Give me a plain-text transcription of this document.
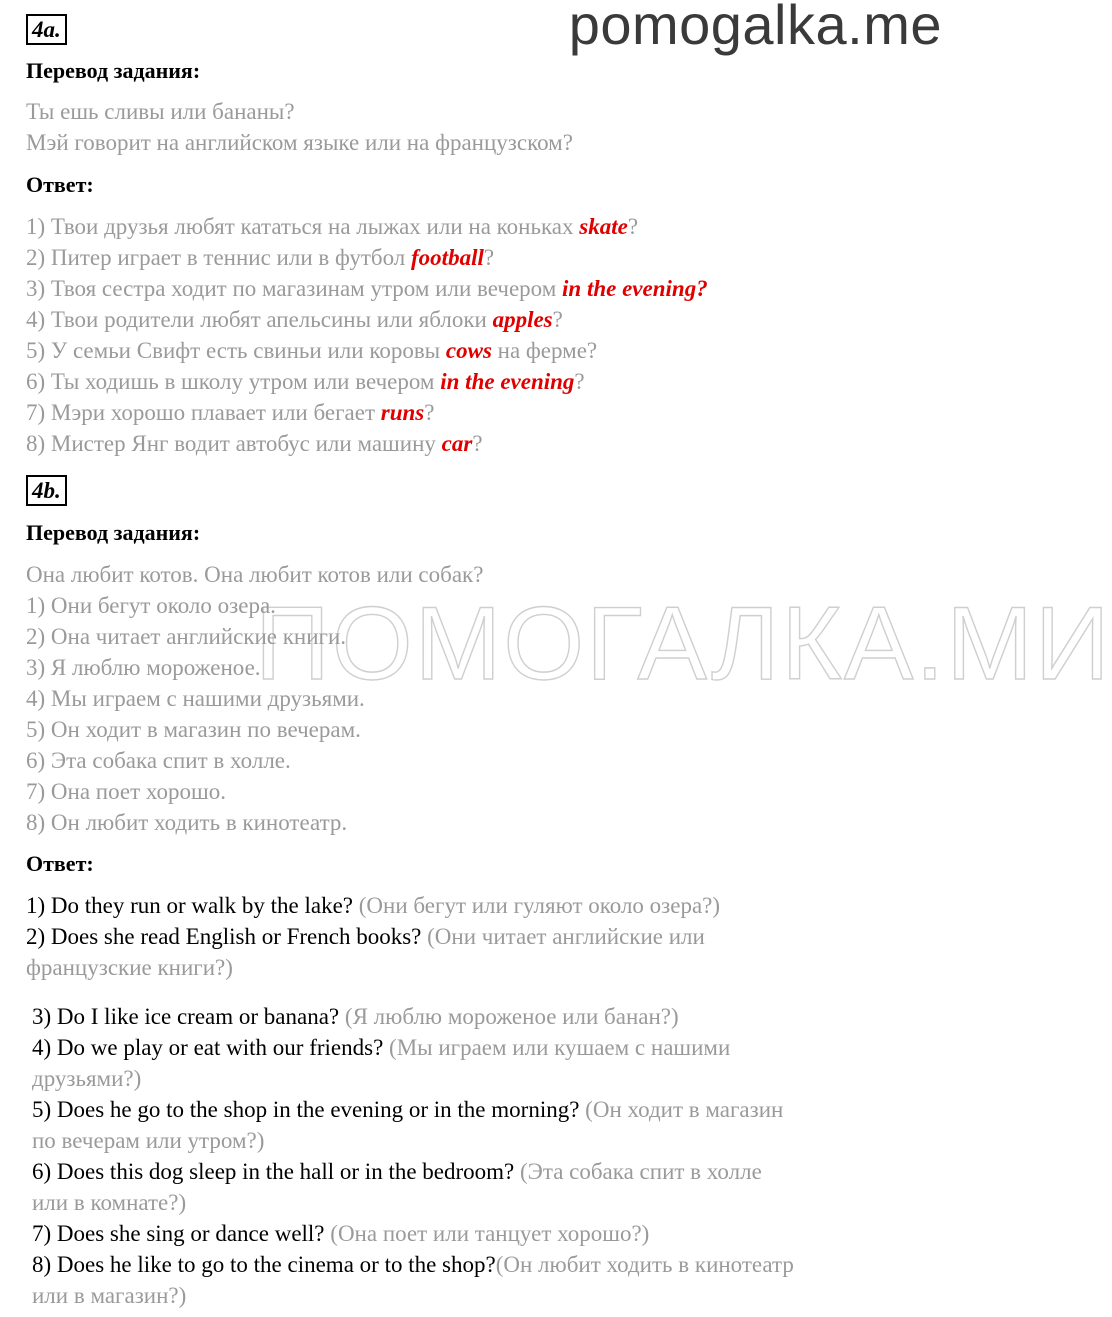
pomogalka.me
ПОМОГАЛКА.МИ
4a.
Перевод задания:
Ты ешь сливы или бананы?
Мэй говорит на английском языке или на французском?
Ответ:
1) Твои друзья любят кататься на лыжах или на коньках skate?
2) Питер играет в теннис или в футбол football?
3) Твоя сестра ходит по магазинам утром или вечером in the evening?
4) Твои родители любят апельсины или яблоки apples?
5) У семьи Свифт есть свиньи или коровы cows на ферме?
6) Ты ходишь в школу утром или вечером in the evening?
7) Мэри хорошо плавает или бегает runs?
8) Мистер Янг водит автобус или машину car?
4b.
Перевод задания:
Она любит котов. Она любит котов или собак?
1) Они бегут около озера.
2) Она читает английские книги.
3) Я люблю мороженое.
4) Мы играем с нашими друзьями.
5) Он ходит в магазин по вечерам.
6) Эта собака спит в холле.
7) Она поет хорошо.
8) Он любит ходить в кинотеатр.
Ответ:
1) Do they run or walk by the lake? (Они бегут или гуляют около озера?)
2) Does she read English or French books? (Они читает английские или
французские книги?)
3) Do I like ice cream or banana? (Я люблю мороженое или банан?)
4) Do we play or eat with our friends? (Мы играем или кушаем с нашими
друзьями?)
5) Does he go to the shop in the evening or in the morning? (Он ходит в магазин
по вечерам или утром?)
6) Does this dog sleep in the hall or in the bedroom? (Эта собака спит в холле
или в комнате?)
7) Does she sing or dance well? (Она поет или танцует хорошо?)
8) Does he like to go to the cinema or to the shop?(Он любит ходить в кинотеатр
или в магазин?)
